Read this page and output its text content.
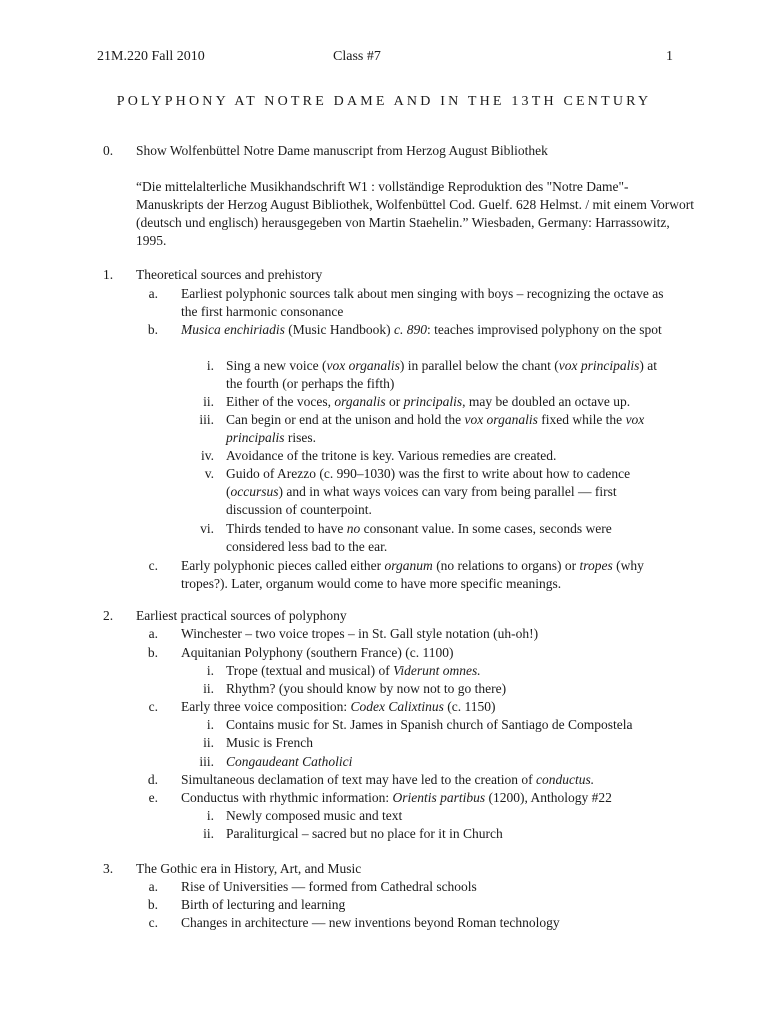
21M.220 Fall 2010	Class #7	1
POLYPHONY AT NOTRE DAME AND IN THE 13TH CENTURY
0. Show Wolfenbüttel Notre Dame manuscript from Herzog August Bibliothek
“Die mittelalterliche Musikhandschrift W1 : vollständige Reproduktion des "Notre Dame"-Manuskripts der Herzog August Bibliothek, Wolfenbüttel Cod. Guelf. 628 Helmst. / mit einem Vorwort (deutsch und englisch) herausgegeben von Martin Staehelin.” Wiesbaden, Germany: Harrassowitz, 1995.
1. Theoretical sources and prehistory
a. Earliest polyphonic sources talk about men singing with boys – recognizing the octave as the first harmonic consonance
b. Musica enchiriadis (Music Handbook) c. 890: teaches improvised polyphony on the spot
i. Sing a new voice (vox organalis) in parallel below the chant (vox principalis) at the fourth (or perhaps the fifth)
ii. Either of the voces, organalis or principalis, may be doubled an octave up.
iii. Can begin or end at the unison and hold the vox organalis fixed while the vox principalis rises.
iv. Avoidance of the tritone is key. Various remedies are created.
v. Guido of Arezzo (c. 990–1030) was the first to write about how to cadence (occursus) and in what ways voices can vary from being parallel — first discussion of counterpoint.
vi. Thirds tended to have no consonant value. In some cases, seconds were considered less bad to the ear.
c. Early polyphonic pieces called either organum (no relations to organs) or tropes (why tropes?). Later, organum would come to have more specific meanings.
2. Earliest practical sources of polyphony
a. Winchester – two voice tropes – in St. Gall style notation (uh-oh!)
b. Aquitanian Polyphony (southern France) (c. 1100)
i. Trope (textual and musical) of Viderunt omnes.
ii. Rhythm? (you should know by now not to go there)
c. Early three voice composition: Codex Calixtinus (c. 1150)
i. Contains music for St. James in Spanish church of Santiago de Compostela
ii. Music is French
iii. Congaudeant Catholici
d. Simultaneous declamation of text may have led to the creation of conductus.
e. Conductus with rhythmic information: Orientis partibus (1200), Anthology #22
i. Newly composed music and text
ii. Paraliturgical – sacred but no place for it in Church
3. The Gothic era in History, Art, and Music
a. Rise of Universities — formed from Cathedral schools
b. Birth of lecturing and learning
c. Changes in architecture — new inventions beyond Roman technology
